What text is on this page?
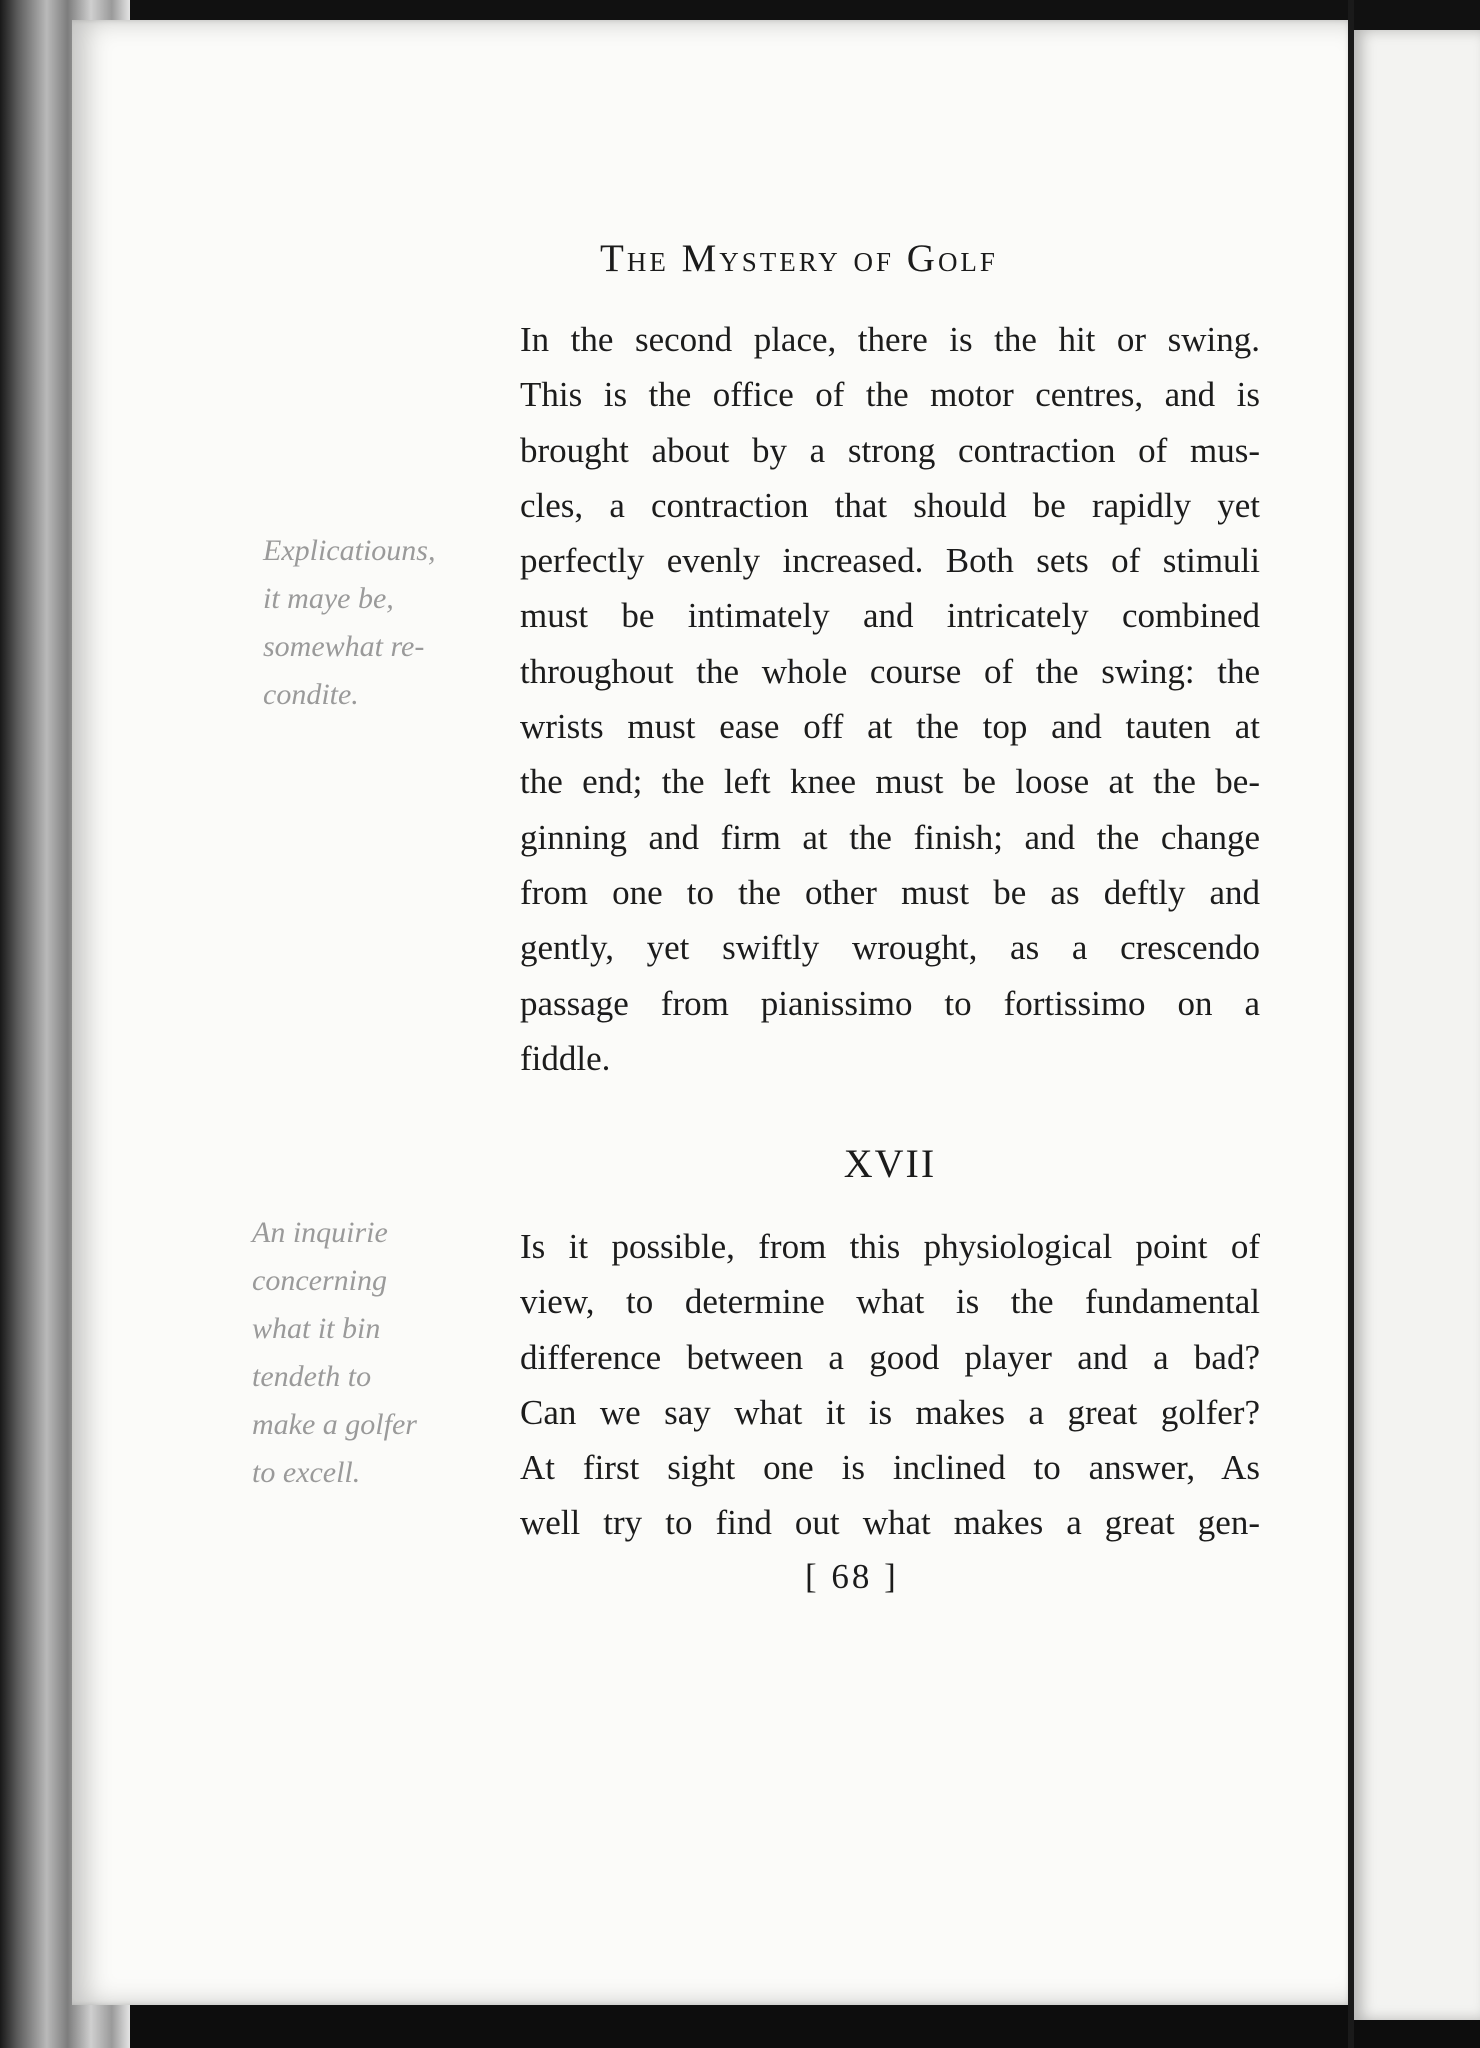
The Mystery of Golf
In the second place, there is the hit or swing.
This is the office of the motor centres, and is
brought about by a strong contraction of mus-
cles, a contraction that should be rapidly yet
perfectly evenly increased. Both sets of stimuli
must be intimately and intricately combined
throughout the whole course of the swing: the
wrists must ease off at the top and tauten at
the end; the left knee must be loose at the be-
ginning and firm at the finish; and the change
from one to the other must be as deftly and
gently, yet swiftly wrought, as a crescendo
passage from pianissimo to fortissimo on a
fiddle.
XVII
Is it possible, from this physiological point of
view, to determine what is the fundamental
difference between a good player and a bad?
Can we say what it is makes a great golfer?
At first sight one is inclined to answer, As
well try to find out what makes a great gen-
Explicatiouns,
it maye be,
somewhat re-
condite.
An inquirie
concerning
what it bin
tendeth to
make a golfer
to excell.
[ 68 ]
